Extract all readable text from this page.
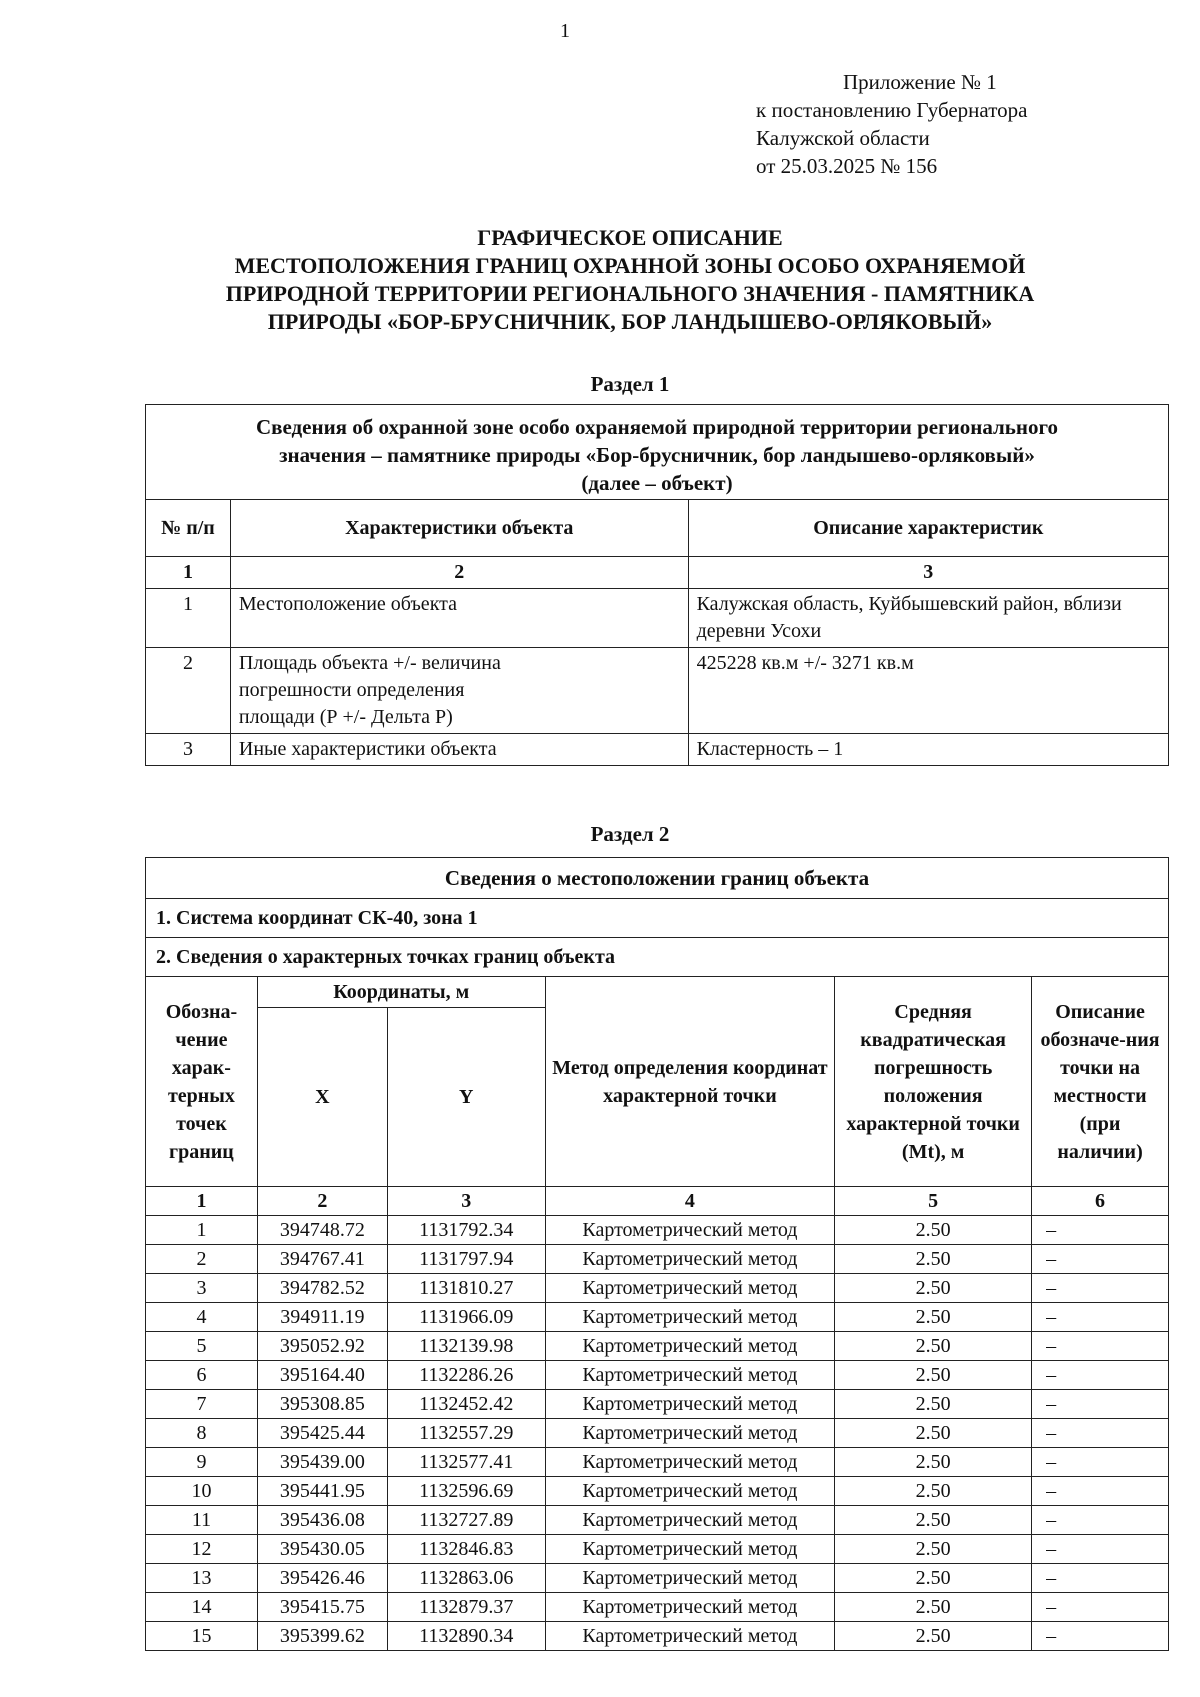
1
Приложение № 1
к постановлению Губернатора
Калужской области
от 25.03.2025 № 156
ГРАФИЧЕСКОЕ ОПИСАНИЕ
МЕСТОПОЛОЖЕНИЯ ГРАНИЦ ОХРАННОЙ ЗОНЫ ОСОБО ОХРАНЯЕМОЙ
ПРИРОДНОЙ ТЕРРИТОРИИ РЕГИОНАЛЬНОГО ЗНАЧЕНИЯ - ПАМЯТНИКА
ПРИРОДЫ «БОР-БРУСНИЧНИК, БОР ЛАНДЫШЕВО-ОРЛЯКОВЫЙ»
Раздел 1
Сведения об охранной зоне особо охраняемой природной территории регионального
значения – памятнике природы «Бор-брусничник, бор ландышево-орляковый»
(далее – объект)		

№ п/п	Характеристики объекта	Описание характеристик
1	2	3
1	Местоположение объекта	Калужская область, Куйбышевский район, вблизи деревни Усохи
2	Площадь объекта +/- величина погрешности определения площади (Р +/- Дельта Р)	425228 кв.м +/- 3271 кв.м
3	Иные характеристики объекта	Кластерность – 1
Раздел 2
Сведения о местоположении границ объекта					
1. Система координат СК-40, зона 1					
2. Сведения о характерных точках границ объекта					
Обозна-чение харак-терных точек границ	Координаты, м		Метод определения координат характерной точки	Средняя квадратическая погрешность положения характерной точки (Мt), м	Описание обозначе-ния точки на местности (при наличии)
	X	Y			
1	2	3	4	5	6
1	394748.72	1131792.34	Картометрический метод	2.50	–
2	394767.41	1131797.94	Картометрический метод	2.50	–
3	394782.52	1131810.27	Картометрический метод	2.50	–
4	394911.19	1131966.09	Картометрический метод	2.50	–
5	395052.92	1132139.98	Картометрический метод	2.50	–
6	395164.40	1132286.26	Картометрический метод	2.50	–
7	395308.85	1132452.42	Картометрический метод	2.50	–
8	395425.44	1132557.29	Картометрический метод	2.50	–
9	395439.00	1132577.41	Картометрический метод	2.50	–
10	395441.95	1132596.69	Картометрический метод	2.50	–
11	395436.08	1132727.89	Картометрический метод	2.50	–
12	395430.05	1132846.83	Картометрический метод	2.50	–
13	395426.46	1132863.06	Картометрический метод	2.50	–
14	395415.75	1132879.37	Картометрический метод	2.50	–
15	395399.62	1132890.34	Картометрический метод	2.50	–
